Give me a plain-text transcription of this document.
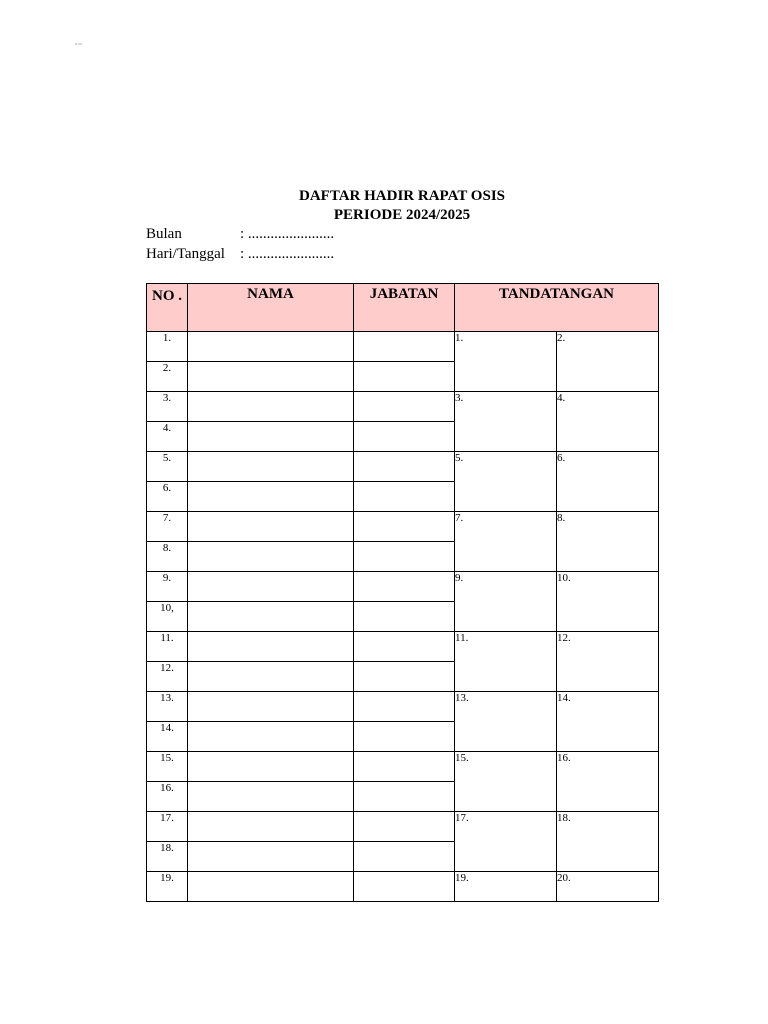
s.co
DAFTAR HADIR RAPAT OSIS
PERIODE 2024/2025
Bulan	: .......................
Hari/Tanggal : .......................
NO .	NAMA	JABATAN	TANDATANGAN	
1.			1.	2.
2.				
3.			3.	4.
4.				
5.			5.	6.
6.				
7.			7.	8.
8.				
9.			9.	10.
10,				
11.			11.	12.
12.				
13.			13.	14.
14.				
15.			15.	16.
16.				
17.			17.	18.
18.				
19.			19.	20.
